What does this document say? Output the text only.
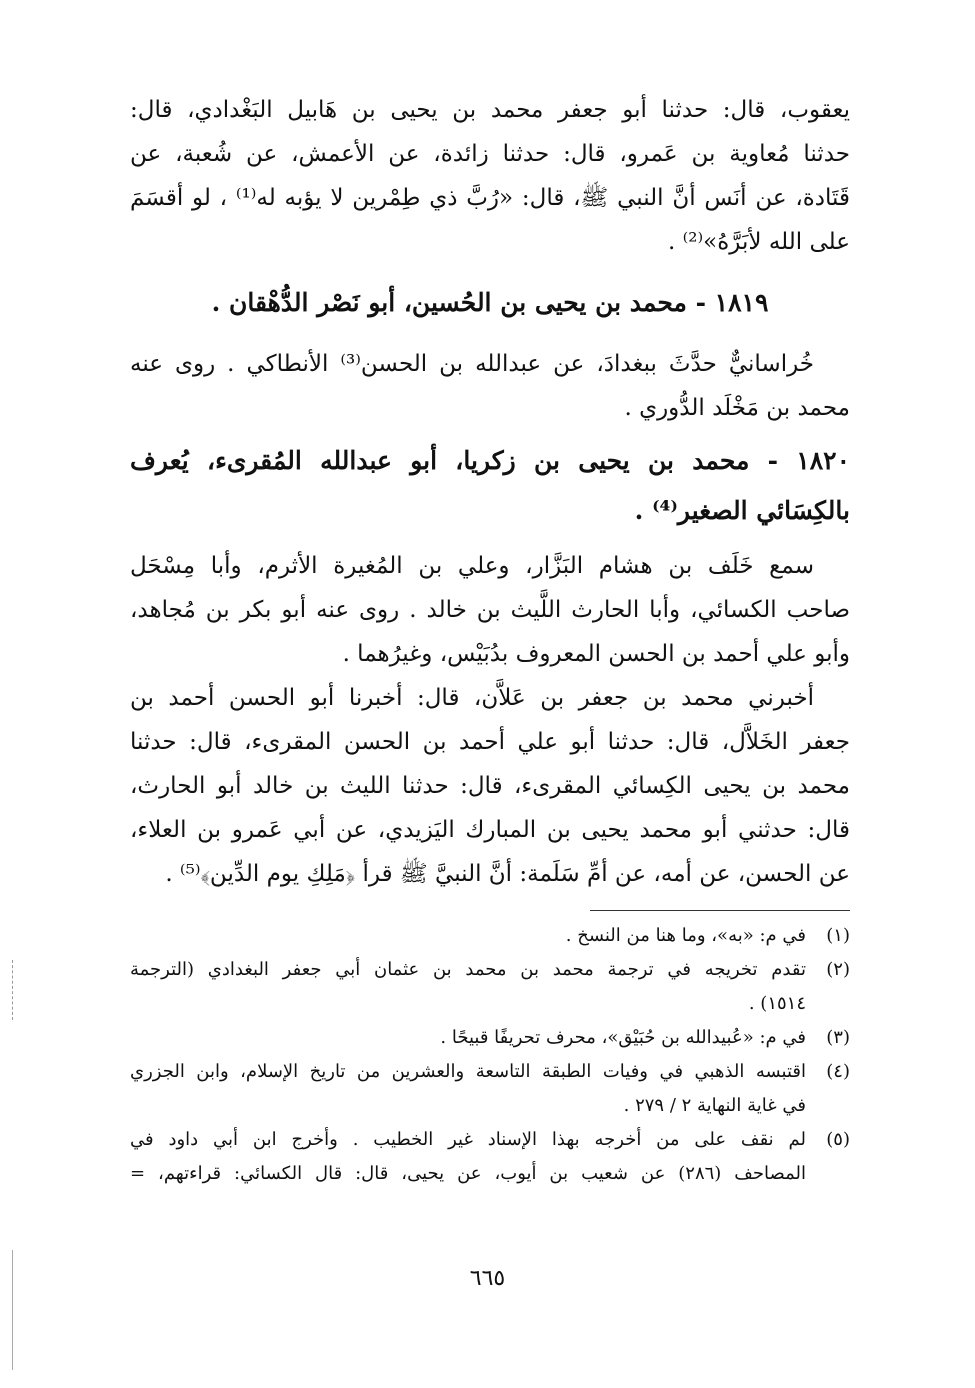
يعقوب، قال: حدثنا أبو جعفر محمد بن يحيى بن هَابيل البَغْدادي، قال:
حدثنا مُعاوية بن عَمرو، قال: حدثنا زائدة، عن الأعمش، عن شُعبة، عن
قَتَادة، عن أنَس أنَّ النبي ﷺ، قال: «رُبَّ ذي طِمْرين لا يؤبه له⁽¹⁾ ، لو أقسَمَ
على الله لأبَرَّهُ»⁽²⁾ .
١٨١٩ - محمد بن يحيى بن الحُسين، أبو نَصْر الدُّهْقان .
خُراسانيٌّ حدَّثَ ببغدادَ، عن عبدالله بن الحسن⁽³⁾ الأنطاكي . روى عنه
محمد بن مَخْلَد الدُّوري .
١٨٢٠ - محمد بن يحيى بن زكريا، أبو عبدالله المُقرىء، يُعرف
بالكِسَائي الصغير⁽⁴⁾ .
سمع خَلَف بن هشام البَزَّار، وعلي بن المُغيرة الأثرم، وأبا مِسْحَل
صاحب الكسائي، وأبا الحارث اللَّيث بن خالد . روى عنه أبو بكر بن مُجاهد،
وأبو علي أحمد بن الحسن المعروف بدُبَيْس، وغيرُهما .
أخبرني محمد بن جعفر بن عَلاَّن، قال: أخبرنا أبو الحسن أحمد بن
جعفر الخَلاَّل، قال: حدثنا أبو علي أحمد بن الحسن المقرىء، قال: حدثنا
محمد بن يحيى الكِسائي المقرىء، قال: حدثنا الليث بن خالد أبو الحارث،
قال: حدثني أبو محمد يحيى بن المبارك اليَزيدي، عن أبي عَمرو بن العلاء،
عن الحسن، عن أمه، عن أمِّ سَلَمة: أنَّ النبيَّ ﷺ قرأ ﴿مَلِكِ يوم الدِّين﴾⁽⁵⁾ .
(١)
في م: «به»، وما هنا من النسخ .
(٢)
تقدم تخريجه في ترجمة محمد بن محمد بن عثمان أبي جعفر البغدادي (الترجمة
١٥١٤) .
(٣)
في م: «عُبيدالله بن حُبَيْق»، محرف تحريفًا قبيحًا .
(٤)
اقتبسه الذهبي في وفيات الطبقة التاسعة والعشرين من تاريخ الإسلام، وابن الجزري
في غاية النهاية ٢ / ٢٧٩ .
(٥)
لم نقف على من أخرجه بهذا الإسناد غير الخطيب . وأخرج ابن أبي داود في
المصاحف (٢٨٦) عن شعيب بن أيوب، عن يحيى، قال: قال الكسائي: قراءتهم، =
٦٦٥
